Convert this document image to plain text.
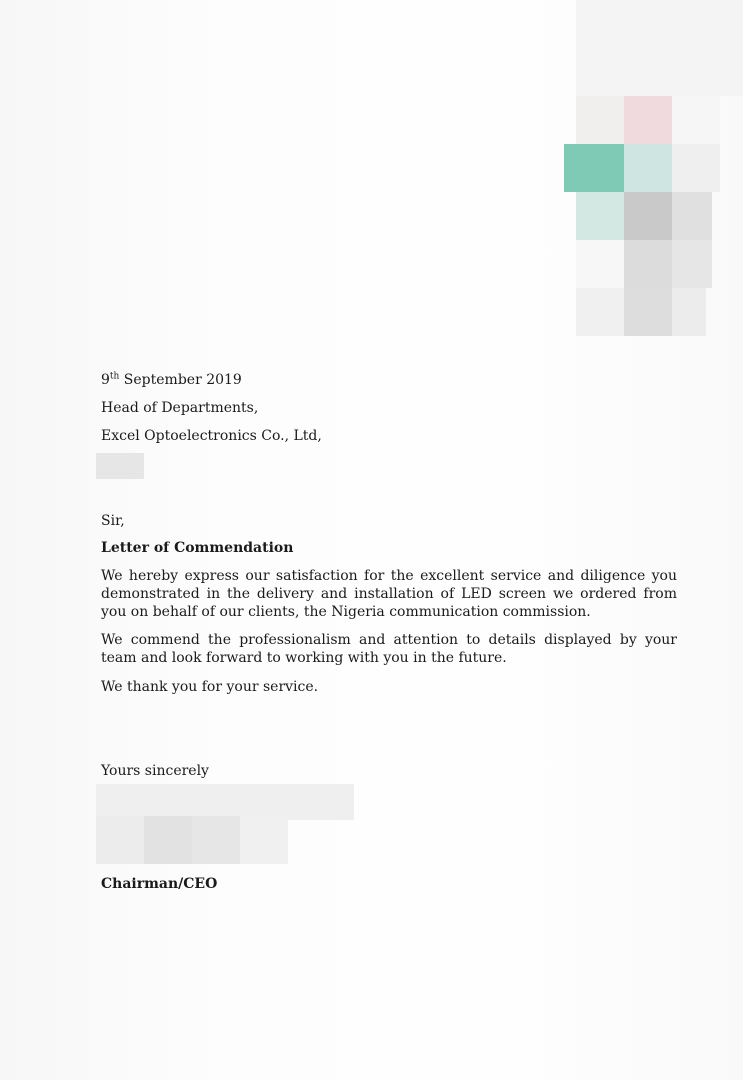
9th September 2019
Head of Departments,
Excel Optoelectronics Co., Ltd,
Sir,
Letter of Commendation
We hereby express our satisfaction for the excellent service and diligence you demonstrated in the delivery and installation of LED screen we ordered from you on behalf of our clients, the Nigeria communication commission.
We commend the professionalism and attention to details displayed by your team and look forward to working with you in the future.
We thank you for your service.
Yours sincerely
Chairman/CEO
